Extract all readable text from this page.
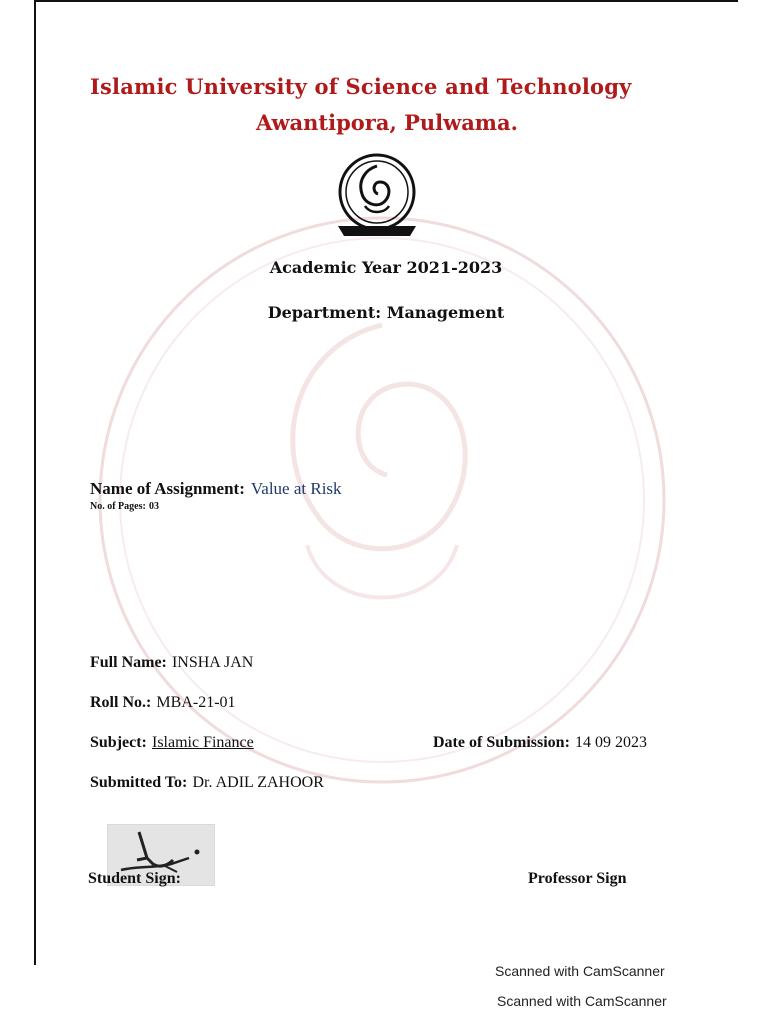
Islamic University of Science and Technology
Awantipora, Pulwama.
Academic Year 2021-2023
Department: Management
Name of Assignment: Value at Risk
No. of Pages: 03
Full Name: INSHA JAN
Roll No.: MBA-21-01
Subject: Islamic Finance	Date of Submission: 14 09 2023
Submitted To: Dr. ADIL ZAHOOR
Student Sign:	Professor Sign
Scanned with CamScanner
Scanned with CamScanner
